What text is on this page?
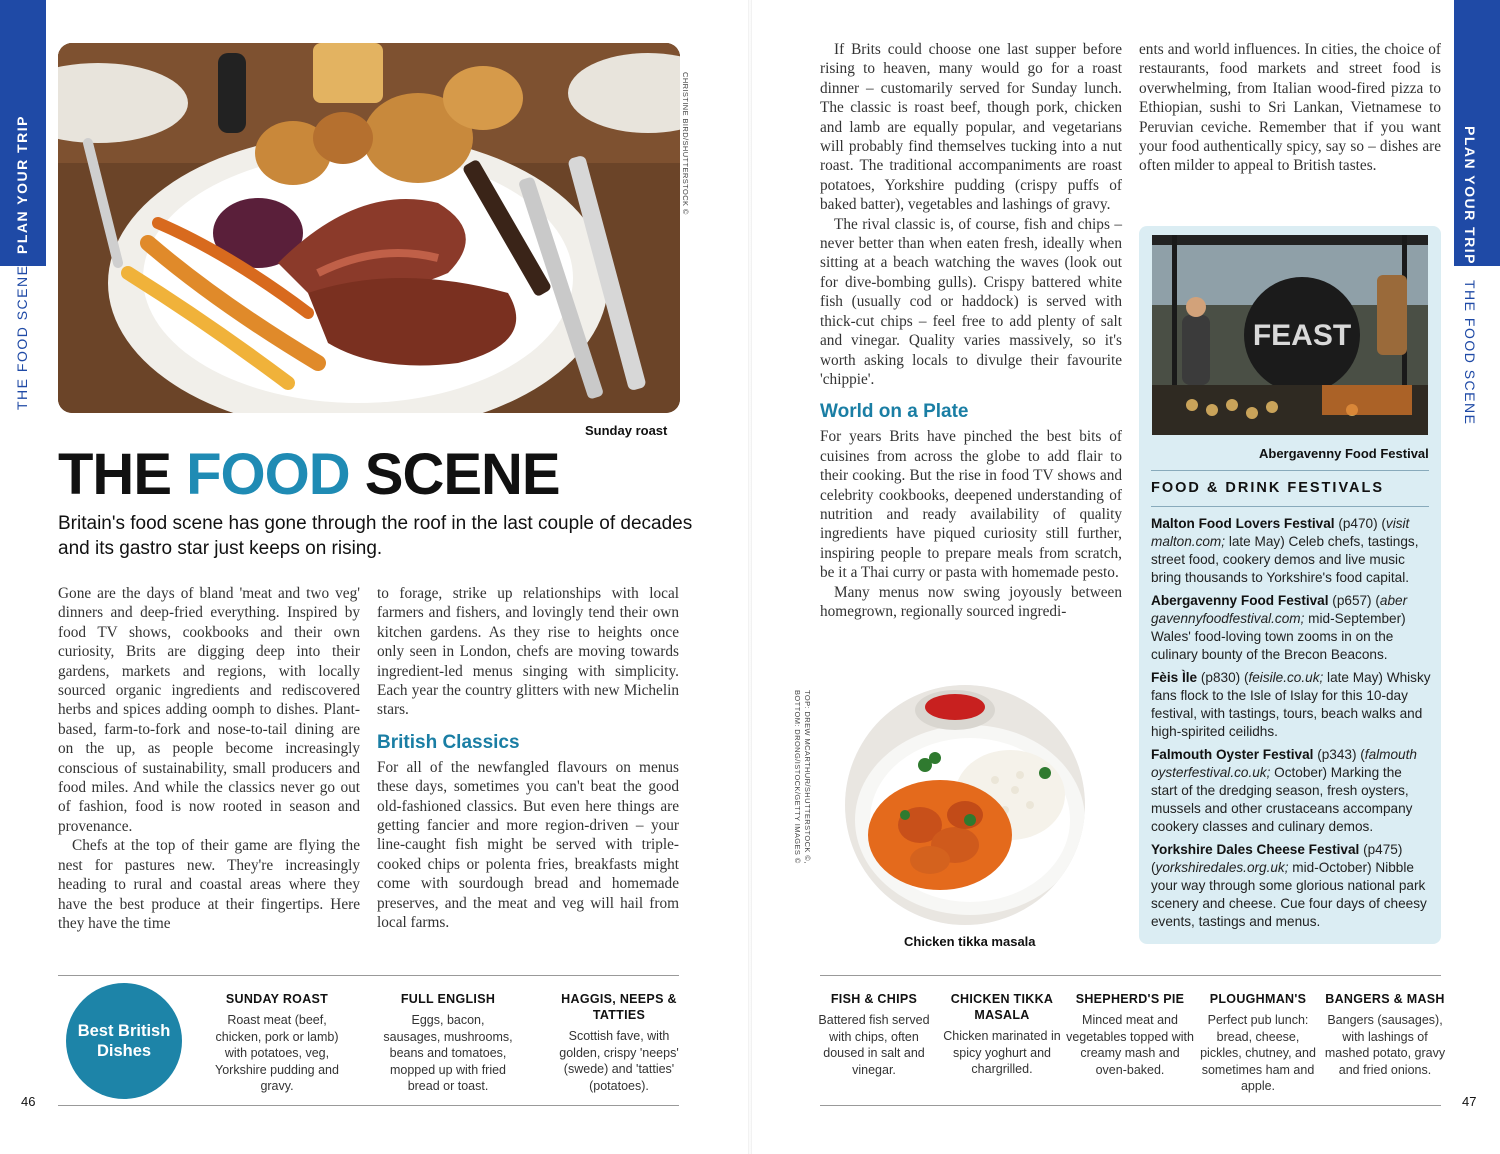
PLAN YOUR TRIP
THE FOOD SCENE
PLAN YOUR TRIP
THE FOOD SCENE
CHRISTINE BIRD/SHUTTERSTOCK ©
Sunday roast
THE FOOD SCENE
Britain's food scene has gone through the roof in the last couple of decades and its gastro star just keeps on rising.

Gone are the days of bland 'meat and two veg' dinners and deep-fried everything. Inspired by food TV shows, cookbooks and their own curiosity, Brits are digging deep into their gardens, markets and regions, with locally sourced organic ingredients and rediscovered herbs and spices adding oomph to dishes. Plant-based, farm-to-fork and nose-to-tail dining are on the up, as people become increasingly conscious of sustainability, small producers and food miles. And while the classics never go out of fashion, food is now rooted in season and provenance.

Chefs at the top of their game are flying the nest for pastures new. They're increasingly heading to rural and coastal areas where they have the best produce at their fingertips. Here they have the time

to forage, strike up relationships with local farmers and fishers, and lovingly tend their own kitchen gardens. As they rise to heights once only seen in London, chefs are moving towards ingredient-led menus singing with simplicity. Each year the country glitters with new Michelin stars.

British Classics

For all of the newfangled flavours on menus these days, sometimes you can't beat the good old-fashioned classics. But even here things are getting fancier and more region-driven – your line-caught fish might be served with triple-cooked chips or polenta fries, breakfasts might come with sourdough bread and homemade preserves, and the meat and veg will hail from local farms.

If Brits could choose one last supper before rising to heaven, many would go for a roast dinner – customarily served for Sunday lunch. The classic is roast beef, though pork, chicken and lamb are equally popular, and vegetarians will probably find themselves tucking into a nut roast. The traditional accompaniments are roast potatoes, Yorkshire pudding (crispy puffs of baked batter), vegetables and lashings of gravy.

The rival classic is, of course, fish and chips – never better than when eaten fresh, ideally when sitting at a beach watching the waves (look out for dive-bombing gulls). Crispy battered white fish (usually cod or haddock) is served with thick-cut chips – feel free to add plenty of salt and vinegar. Quality varies massively, so it's worth asking locals to divulge their favourite 'chippie'.

World on a Plate

For years Brits have pinched the best bits of cuisines from across the globe to add flair to their cooking. But the rise in food TV shows and celebrity cookbooks, deepened understanding of nutrition and ready availability of quality ingredients have piqued curiosity still further, inspiring people to prepare meals from scratch, be it a Thai curry or pasta with homemade pesto.

Many menus now swing joyously between homegrown, regionally sourced ingredi-

ents and world influences. In cities, the choice of restaurants, food markets and street food is overwhelming, from Italian wood-fired pizza to Ethiopian, sushi to Sri Lankan, Vietnamese to Peruvian ceviche. Remember that if you want your food authentically spicy, say so – dishes are often milder to appeal to British tastes.

FEAST
Abergavenny Food Festival
FOOD & DRINK FESTIVALS
Malton Food Lovers Festival (p470) (visit malton.com; late May) Celeb chefs, tastings, street food, cookery demos and live music bring thousands to Yorkshire's food capital.
Abergavenny Food Festival (p657) (aber gavennyfoodfestival.com; mid-September) Wales' food-loving town zooms in on the culinary bounty of the Brecon Beacons.
Fèis Ìle (p830) (feisile.co.uk; late May) Whisky fans flock to the Isle of Islay for this 10-day festival, with tastings, tours, beach walks and high-spirited ceilidhs.
Falmouth Oyster Festival (p343) (falmouth oysterfestival.co.uk; October) Marking the start of the dredging season, fresh oysters, mussels and other crustaceans accompany cookery classes and culinary demos.
Yorkshire Dales Cheese Festival (p475) (yorkshiredales.org.uk; mid-October) Nibble your way through some glorious national park scenery and cheese. Cue four days of cheesy events, tastings and menus.
TOP: DREW MCARTHUR/SHUTTERSTOCK ©,
BOTTOM: DRONG/ISTOCK/GETTY IMAGES ©
Chicken tikka masala
Best British Dishes
SUNDAY ROAST
Roast meat (beef, chicken, pork or lamb) with potatoes, veg, Yorkshire pudding and gravy.
FULL ENGLISH
Eggs, bacon, sausages, mushrooms, beans and tomatoes, mopped up with fried bread or toast.
HAGGIS, NEEPS & TATTIES
Scottish fave, with golden, crispy 'neeps' (swede) and 'tatties' (potatoes).
FISH & CHIPS
Battered fish served with chips, often doused in salt and vinegar.
CHICKEN TIKKA MASALA
Chicken marinated in spicy yoghurt and chargrilled.
SHEPHERD'S PIE
Minced meat and vegetables topped with creamy mash and oven-baked.
PLOUGHMAN'S
Perfect pub lunch: bread, cheese, pickles, chutney, and sometimes ham and apple.
BANGERS & MASH
Bangers (sausages), with lashings of mashed potato, gravy and fried onions.
46	47
